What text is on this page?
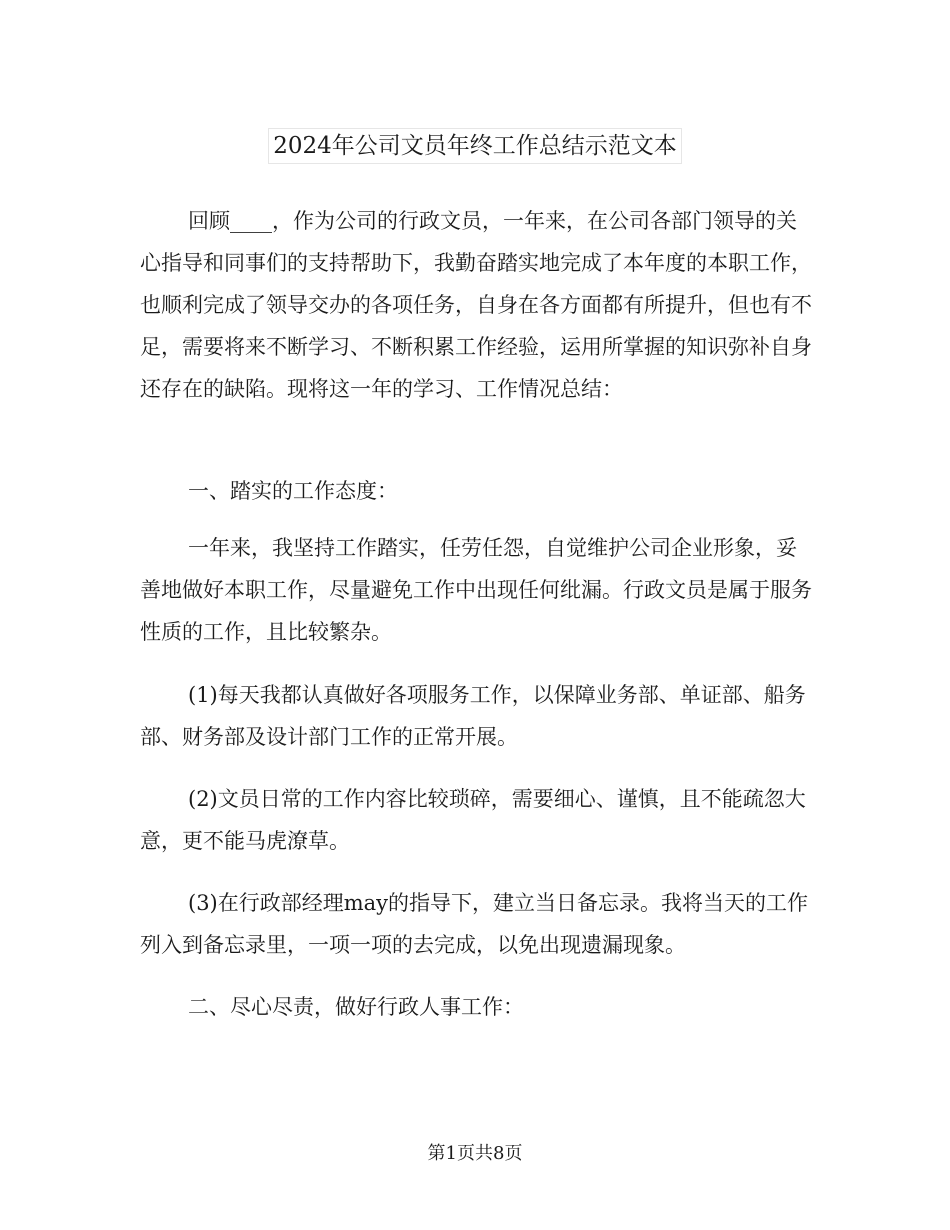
2024年公司文员年终工作总结示范文本

回顾____，作为公司的行政文员，一年来，在公司各部门领导的关心指导和同事们的支持帮助下，我勤奋踏实地完成了本年度的本职工作，也顺利完成了领导交办的各项任务，自身在各方面都有所提升，但也有不足，需要将来不断学习、不断积累工作经验，运用所掌握的知识弥补自身还存在的缺陷。现将这一年的学习、工作情况总结：

一、踏实的工作态度：

一年来，我坚持工作踏实，任劳任怨，自觉维护公司企业形象，妥善地做好本职工作，尽量避免工作中出现任何纰漏。行政文员是属于服务性质的工作，且比较繁杂。

(1)每天我都认真做好各项服务工作，以保障业务部、单证部、船务部、财务部及设计部门工作的正常开展。

(2)文员日常的工作内容比较琐碎，需要细心、谨慎，且不能疏忽大意，更不能马虎潦草。

(3)在行政部经理may的指导下，建立当日备忘录。我将当天的工作列入到备忘录里，一项一项的去完成，以免出现遗漏现象。

二、尽心尽责，做好行政人事工作：

第1页共8页
